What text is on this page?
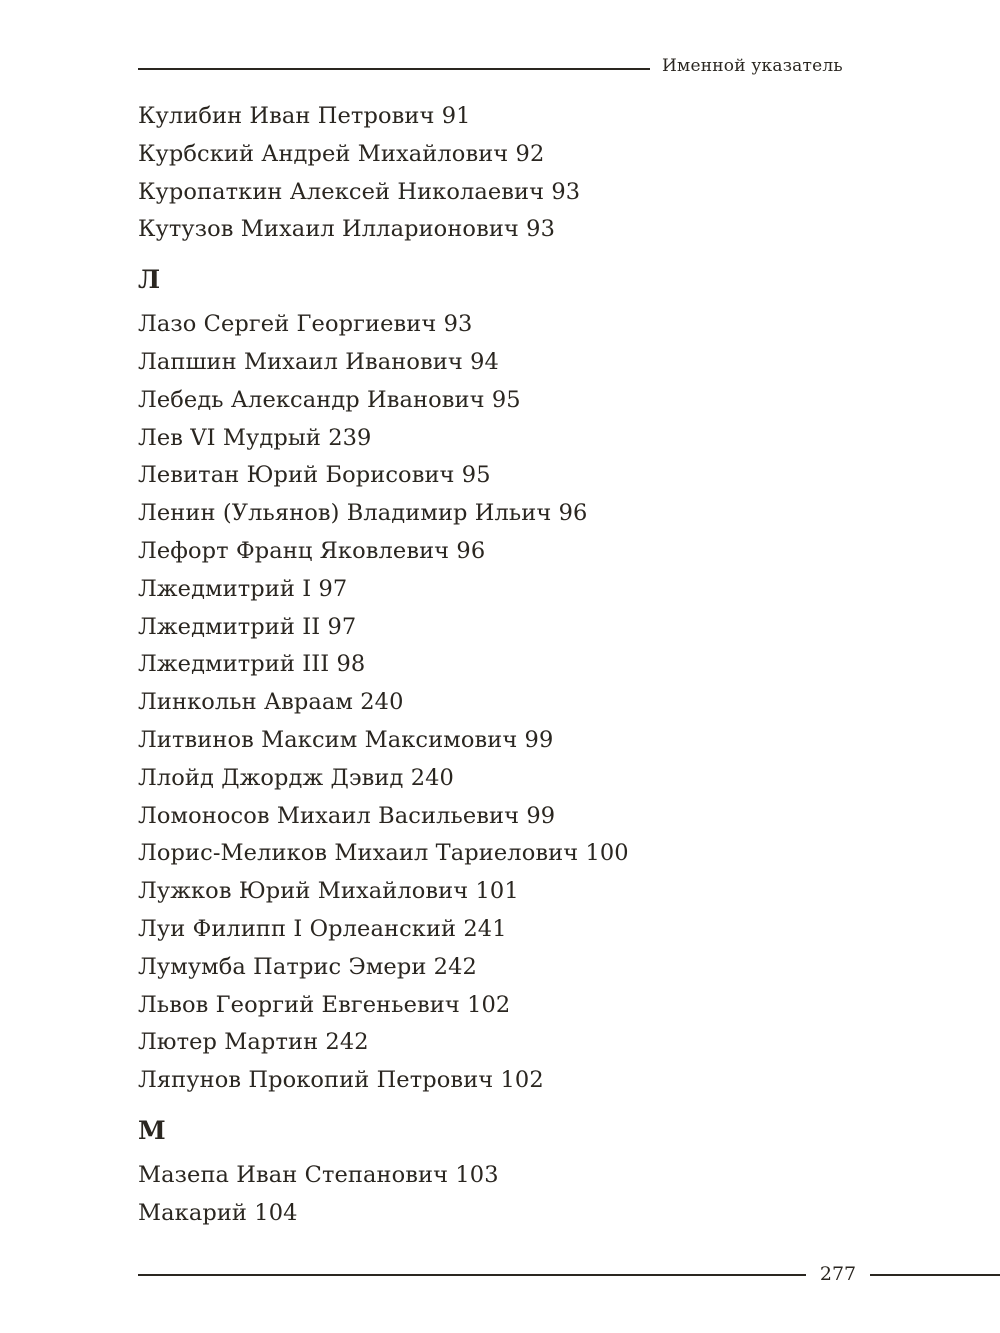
Именной указатель
Кулибин Иван Петрович 91
Курбский Андрей Михайлович 92
Куропаткин Алексей Николаевич 93
Кутузов Михаил Илларионович 93
Л
Лазо Сергей Георгиевич 93
Лапшин Михаил Иванович 94
Лебедь Александр Иванович 95
Лев VI Мудрый 239
Левитан Юрий Борисович 95
Ленин (Ульянов) Владимир Ильич 96
Лефорт Франц Яковлевич 96
Лжедмитрий I 97
Лжедмитрий II 97
Лжедмитрий III 98
Линкольн Авраам 240
Литвинов Максим Максимович 99
Ллойд Джордж Дэвид 240
Ломоносов Михаил Васильевич 99
Лорис-Меликов Михаил Тариелович 100
Лужков Юрий Михайлович 101
Луи Филипп I Орлеанский 241
Лумумба Патрис Эмери 242
Львов Георгий Евгеньевич 102
Лютер Мартин 242
Ляпунов Прокопий Петрович 102
М
Мазепа Иван Степанович 103
Макарий 104
277
